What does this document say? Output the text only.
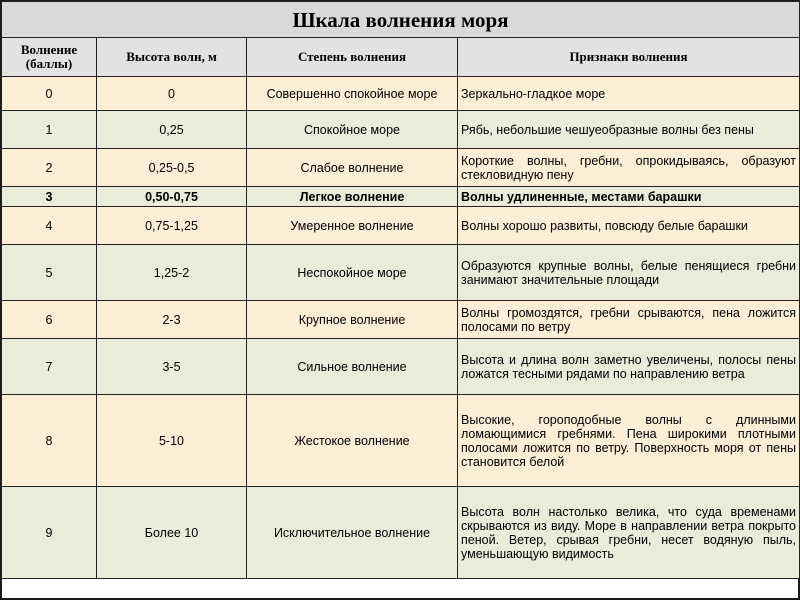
Шкала волнения моря			
Волнение (баллы)	Высота волн, м	Степень волнения	Признаки волнения
0	0	Совершенно спокойное море	Зеркально-гладкое море
1	0,25	Спокойное море	Рябь, небольшие чешуеобразные волны без пены
2	0,25-0,5	Слабое волнение	Короткие волны, гребни, опрокидываясь, образуют стекловидную пену
3	0,50-0,75	Легкое волнение	Волны удлиненные, местами барашки
4	0,75-1,25	Умеренное волнение	Волны хорошо развиты, повсюду белые барашки
5	1,25-2	Неспокойное море	Образуются крупные волны, белые пенящиеся гребни занимают значительные площади
6	2-3	Крупное волнение	Волны громоздятся, гребни срываются, пена ложится полосами по ветру
7	3-5	Сильное волнение	Высота и длина волн заметно увеличены, полосы пены ложатся тесными рядами по направлению ветра
8	5-10	Жестокое волнение	Высокие, гороподобные волны с длинными ломающимися гребнями. Пена широкими плотными полосами ложится по ветру. Поверхность моря от пены становится белой
9	Более 10	Исключительное волнение	Высота волн настолько велика, что суда временами скрываются из виду. Море в направлении ветра покрыто пеной. Ветер, срывая гребни, несет водяную пыль, уменьшающую видимость
